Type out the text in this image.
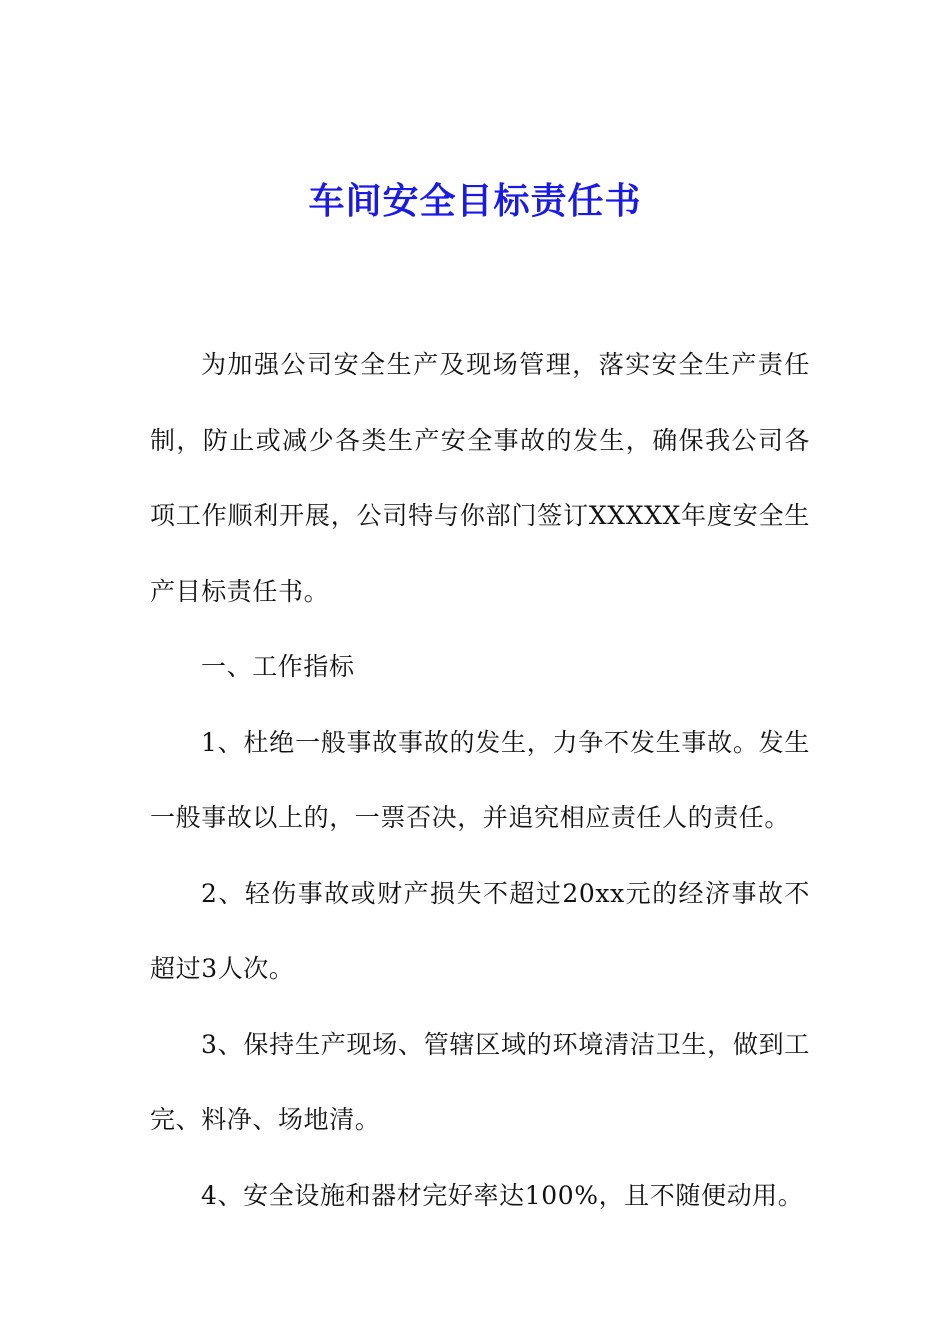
车间安全目标责任书

为加强公司安全生产及现场管理，落实安全生产责任制，防止或减少各类生产安全事故的发生，确保我公司各项工作顺利开展，公司特与你部门签订XXXXX年度安全生产目标责任书。

一、工作指标

1、杜绝一般事故事故的发生，力争不发生事故。发生一般事故以上的，一票否决，并追究相应责任人的责任。

2、轻伤事故或财产损失不超过20xx元的经济事故不超过3人次。

3、保持生产现场、管辖区域的环境清洁卫生，做到工完、料净、场地清。

4、安全设施和器材完好率达100%，且不随便动用。
